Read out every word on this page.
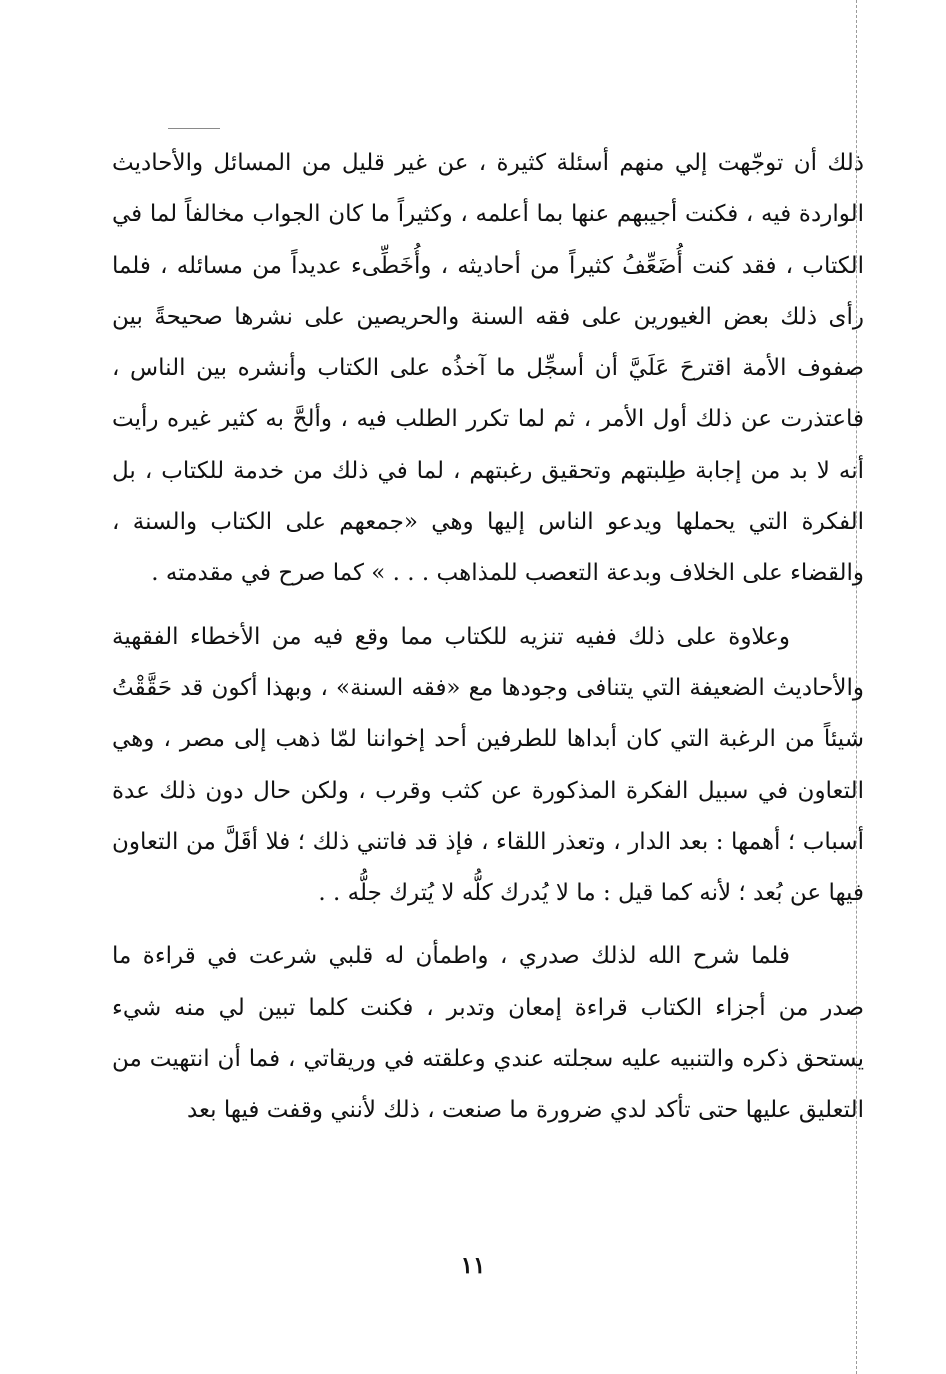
ذلك أن توجّهت إلي منهم أسئلة كثيرة ، عن غير قليل من المسائل والأحاديث الواردة فيه ، فكنت أجيبهم عنها بما أعلمه ، وكثيراً ما كان الجواب مخالفاً لما في الكتاب ، فقد كنت أُضَعِّفُ كثيراً من أحاديثه ، وأُخَطِّىء عديداً من مسائله ، فلما رأى ذلك بعض الغيورين على فقه السنة والحريصين على نشرها صحيحةً بين صفوف الأمة اقترحَ عَلَيَّ أن أسجِّل ما آخذُه على الكتاب وأنشره بين الناس ، فاعتذرت عن ذلك أول الأمر ، ثم لما تكرر الطلب فيه ، وألحَّ به كثير غيره رأيت أنه لا بد من إجابة طِلبتهم وتحقيق رغبتهم ، لما في ذلك من خدمة للكتاب ، بل الفكرة التي يحملها ويدعو الناس إليها وهي «جمعهم على الكتاب والسنة ، والقضاء على الخلاف وبدعة التعصب للمذاهب . . . » كما صرح في مقدمته .

وعلاوة على ذلك ففيه تنزيه للكتاب مما وقع فيه من الأخطاء الفقهية والأحاديث الضعيفة التي يتنافى وجودها مع «فقه السنة» ، وبهذا أكون قد حَقَّقْتُ شيئاً من الرغبة التي كان أبداها للطرفين أحد إخواننا لمّا ذهب إلى مصر ، وهي التعاون في سبيل الفكرة المذكورة عن كثب وقرب ، ولكن حال دون ذلك عدة أسباب ؛ أهمها : بعد الدار ، وتعذر اللقاء ، فإذ قد فاتني ذلك ؛ فلا أقَلَّ من التعاون فيها عن بُعد ؛ لأنه كما قيل : ما لا يُدرك كلُّه لا يُترك جلُّه . .

فلما شرح الله لذلك صدري ، واطمأن له قلبي شرعت في قراءة ما صدر من أجزاء الكتاب قراءة إمعان وتدبر ، فكنت كلما تبين لي منه شيء يستحق ذكره والتنبيه عليه سجلته عندي وعلقته في وريقاتي ، فما أن انتهيت من التعليق عليها حتى تأكد لدي ضرورة ما صنعت ، ذلك لأنني وقفت فيها بعد

١١
